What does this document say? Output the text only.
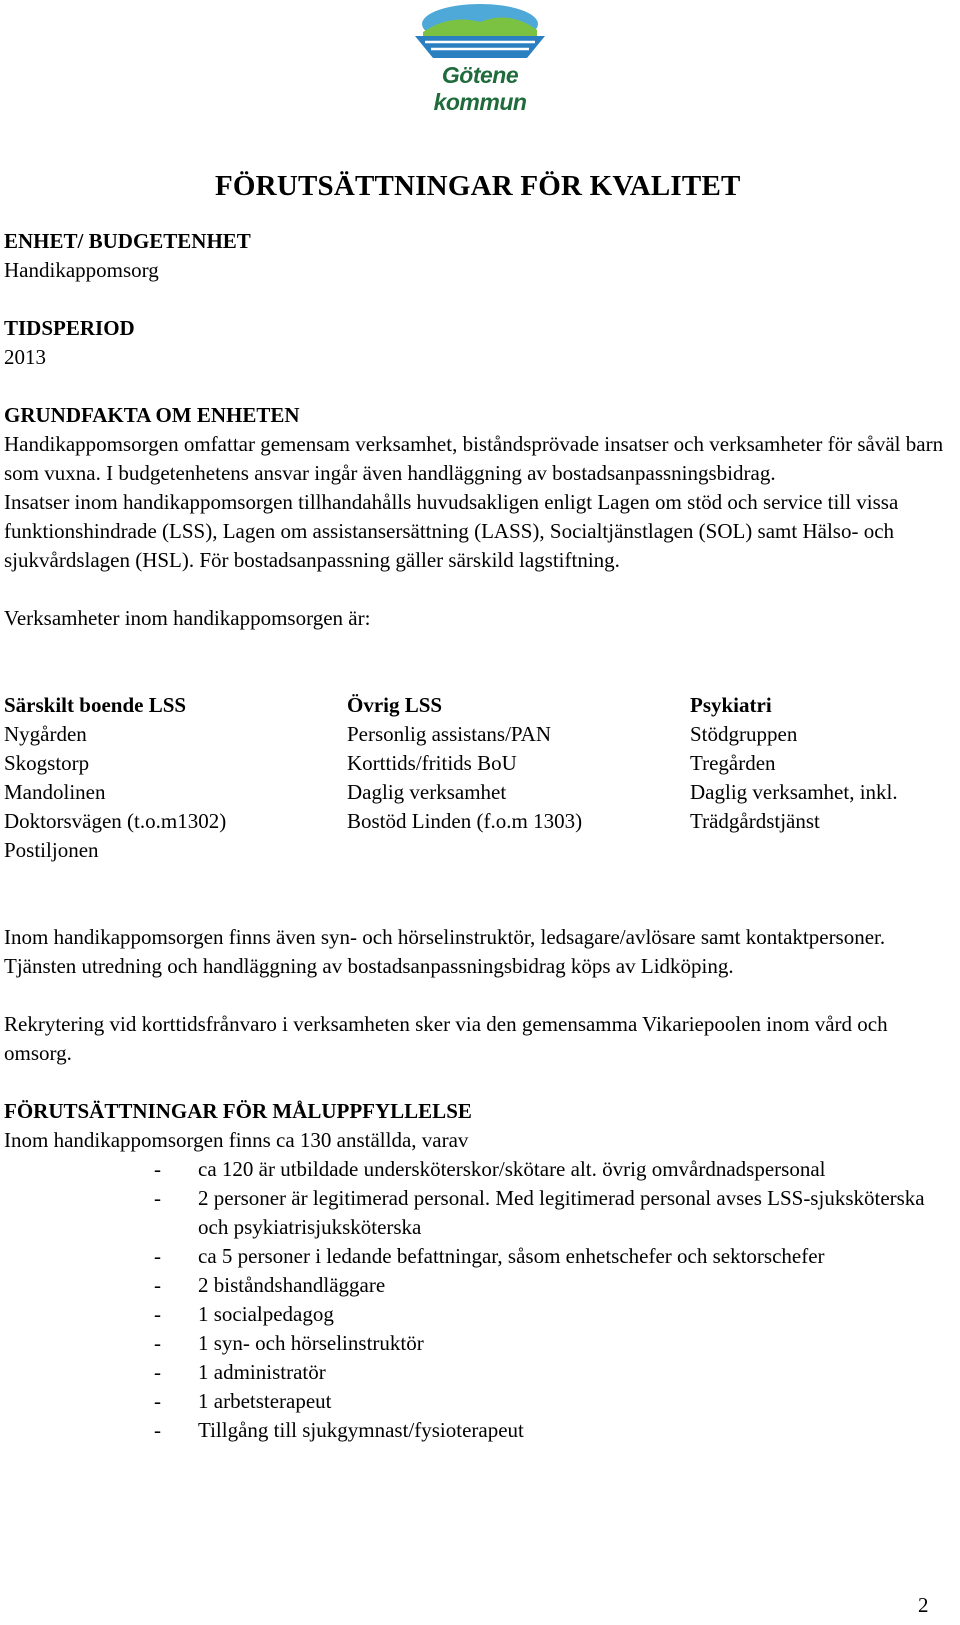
Götene kommun
FÖRUTSÄTTNINGAR FÖR KVALITET

ENHET/ BUDGETENHET

Handikappomsorg

TIDSPERIOD

2013

GRUNDFAKTA OM ENHETEN

Handikappomsorgen omfattar gemensam verksamhet, biståndsprövade insatser och verksamheter för såväl barn som vuxna. I budgetenhetens ansvar ingår även handläggning av bostadsanpassningsbidrag.

Insatser inom handikappomsorgen tillhandahålls huvudsakligen enligt Lagen om stöd och service till vissa funktionshindrade (LSS), Lagen om assistansersättning (LASS), Socialtjänstlagen (SOL) samt Hälso- och sjukvårdslagen (HSL). För bostadsanpassning gäller särskild lagstiftning.

Verksamheter inom handikappomsorgen är:

Särskilt boende LSS
Nygården
Skogstorp
Mandolinen
Doktorsvägen (t.o.m1302)
Postiljonen
Övrig LSS
Personlig assistans/PAN
Korttids/fritids BoU
Daglig verksamhet
Bostöd Linden (f.o.m 1303)
Psykiatri
Stödgruppen
Tregården
Daglig verksamhet, inkl. Trädgårdstjänst

Inom handikappomsorgen finns även syn- och hörselinstruktör, ledsagare/avlösare samt kontaktpersoner. Tjänsten utredning och handläggning av bostadsanpassningsbidrag köps av Lidköping.

Rekrytering vid korttidsfrånvaro i verksamheten sker via den gemensamma Vikariepoolen inom vård och omsorg.

FÖRUTSÄTTNINGAR FÖR MÅLUPPFYLLELSE

Inom handikappomsorgen finns ca 130 anställda, varav

- ca 120 är utbildade undersköterskor/skötare alt. övrig omvårdnadspersonal
- 2 personer är legitimerad personal. Med legitimerad personal avses LSS-sjuksköterska och psykiatrisjuksköterska
- ca 5 personer i ledande befattningar, såsom enhetschefer och sektorschefer
- 2 biståndshandläggare
- 1 socialpedagog
- 1 syn- och hörselinstruktör
- 1 administratör
- 1 arbetsterapeut
- Tillgång till sjukgymnast/fysioterapeut
2
